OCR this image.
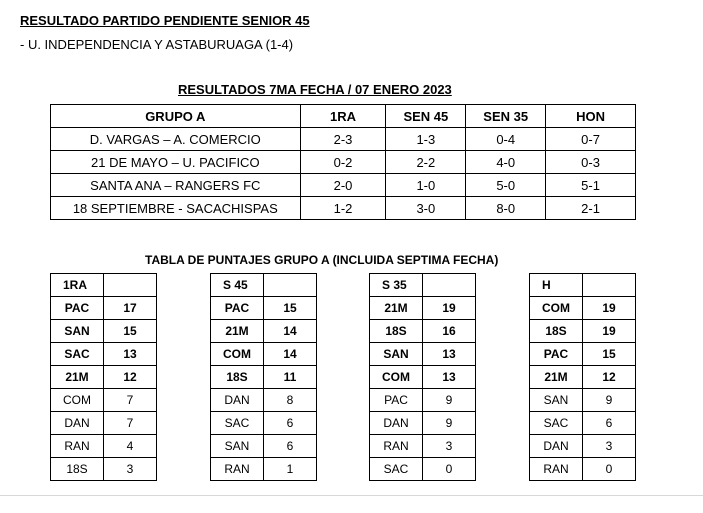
RESULTADO PARTIDO PENDIENTE SENIOR 45
- U. INDEPENDENCIA Y ASTABURUAGA (1-4)
RESULTADOS 7MA FECHA / 07 ENERO 2023
GRUPO A	1RA	SEN 45	SEN 35	HON
D. VARGAS – A. COMERCIO	2-3	1-3	0-4	0-7
21 DE MAYO – U. PACIFICO	0-2	2-2	4-0	0-3
SANTA ANA – RANGERS FC	2-0	1-0	5-0	5-1
18 SEPTIEMBRE - SACACHISPAS	1-2	3-0	8-0	2-1
TABLA DE PUNTAJES GRUPO A (INCLUIDA SEPTIMA FECHA)
1RA	
PAC	17
SAN	15
SAC	13
21M	12
COM	7
DAN	7
RAN	4
18S	3
S 45	
PAC	15
21M	14
COM	14
18S	11
DAN	8
SAC	6
SAN	6
RAN	1
S 35	
21M	19
18S	16
SAN	13
COM	13
PAC	9
DAN	9
RAN	3
SAC	0
H	
COM	19
18S	19
PAC	15
21M	12
SAN	9
SAC	6
DAN	3
RAN	0
